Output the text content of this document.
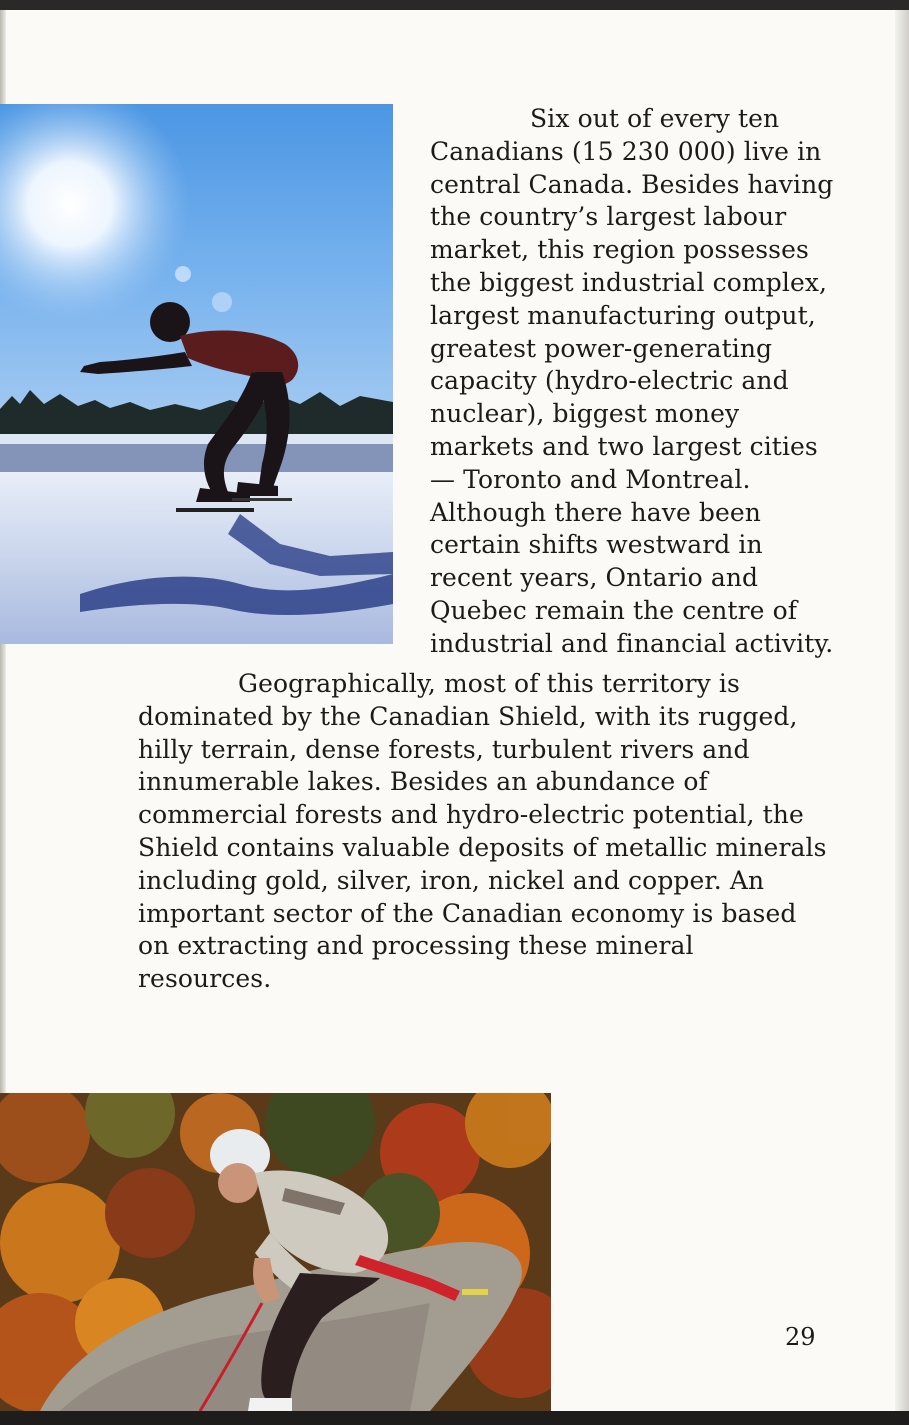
Six out of every ten Canadians (15 230 000) live in central Canada. Besides having the country’s largest labour market, this region possesses the biggest industrial complex, largest manufacturing output, greatest power-generating capacity (hydro-electric and nuclear), biggest money markets and two largest cities — Toronto and Montreal. Although there have been certain shifts westward in recent years, Ontario and Quebec remain the centre of industrial and financial activity.

Geographically, most of this territory is dominated by the Canadian Shield, with its rugged, hilly terrain, dense forests, turbulent rivers and innumerable lakes. Besides an abundance of commercial forests and hydro-electric potential, the Shield contains valuable deposits of metallic minerals including gold, silver, iron, nickel and copper. An important sector of the Canadian economy is based on extracting and processing these mineral resources.

29
